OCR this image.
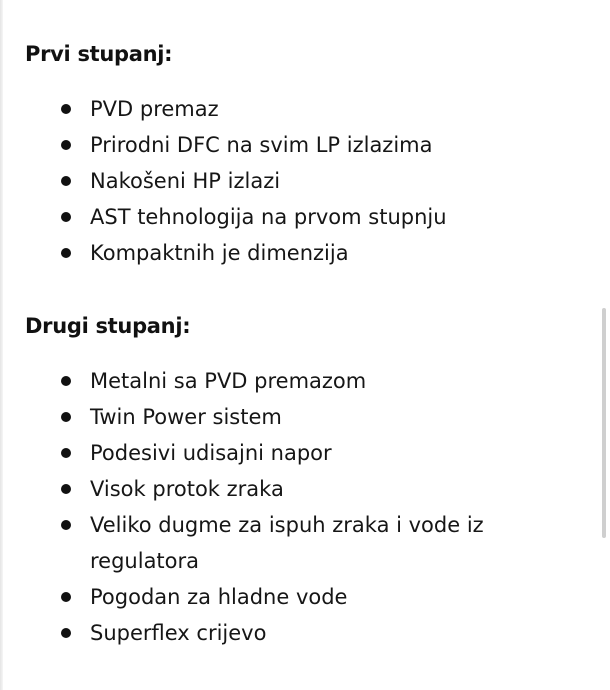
Prvi stupanj:
PVD premaz
Prirodni DFC na svim LP izlazima
Nakošeni HP izlazi
AST tehnologija na prvom stupnju
Kompaktnih je dimenzija
Drugi stupanj:
Metalni sa PVD premazom
Twin Power sistem
Podesivi udisajni napor
Visok protok zraka
Veliko dugme za ispuh zraka i vode iz regulatora
Pogodan za hladne vode
Superflex crijevo
